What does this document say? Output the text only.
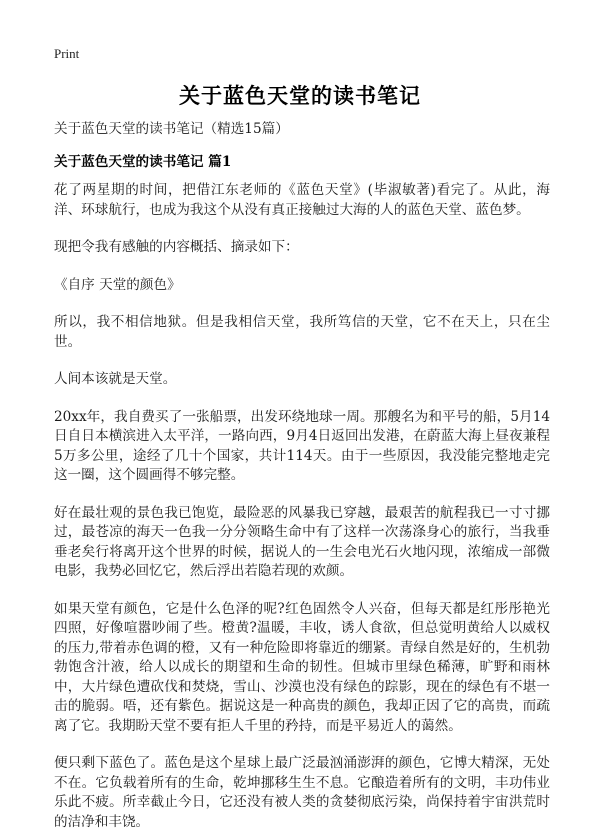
Print
关于蓝色天堂的读书笔记

关于蓝色天堂的读书笔记（精选15篇）

关于蓝色天堂的读书笔记 篇1

花了两星期的时间，把借江东老师的《蓝色天堂》(毕淑敏著)看完了。从此，海洋、环球航行，也成为我这个从没有真正接触过大海的人的蓝色天堂、蓝色梦。

现把令我有感触的内容概括、摘录如下：

《自序 天堂的颜色》

所以，我不相信地狱。但是我相信天堂，我所笃信的天堂，它不在天上，只在尘世。

人间本该就是天堂。

20xx年，我自费买了一张船票，出发环绕地球一周。那艘名为和平号的船，5月14日自日本横滨进入太平洋，一路向西，9月4日返回出发港，在蔚蓝大海上昼夜兼程5万多公里，途经了几十个国家，共计114天。由于一些原因，我没能完整地走完这一圈，这个圆画得不够完整。

好在最壮观的景色我已饱览，最险恶的风暴我已穿越，最艰苦的航程我已一寸寸挪过，最苍凉的海天一色我一分分领略生命中有了这样一次荡涤身心的旅行，当我垂垂老矣行将离开这个世界的时候，据说人的一生会电光石火地闪现，浓缩成一部微电影，我势必回忆它，然后浮出若隐若现的欢颜。

如果天堂有颜色，它是什么色泽的呢?红色固然令人兴奋，但每天都是红彤彤艳光四照，好像喧嚣吵闹了些。橙黄?温暖，丰收，诱人食欲，但总觉明黄给人以威权的压力,带着赤色调的橙，又有一种危险即将靠近的绷紧。青绿自然是好的，生机勃勃饱含汁液，给人以成长的期望和生命的韧性。但城市里绿色稀薄，旷野和雨林中，大片绿色遭砍伐和焚烧，雪山、沙漠也没有绿色的踪影，现在的绿色有不堪一击的脆弱。唔，还有紫色。据说这是一种高贵的颜色，我却正因了它的高贵，而疏离了它。我期盼天堂不要有拒人千里的矜持，而是平易近人的蔼然。

便只剩下蓝色了。蓝色是这个星球上最广泛最汹涌澎湃的颜色，它博大精深，无处不在。它负载着所有的生命，乾坤挪移生生不息。它酿造着所有的文明，丰功伟业乐此不疲。所幸截止今日，它还没有被人类的贪婪彻底污染，尚保持着宇宙洪荒时的洁净和丰饶。
